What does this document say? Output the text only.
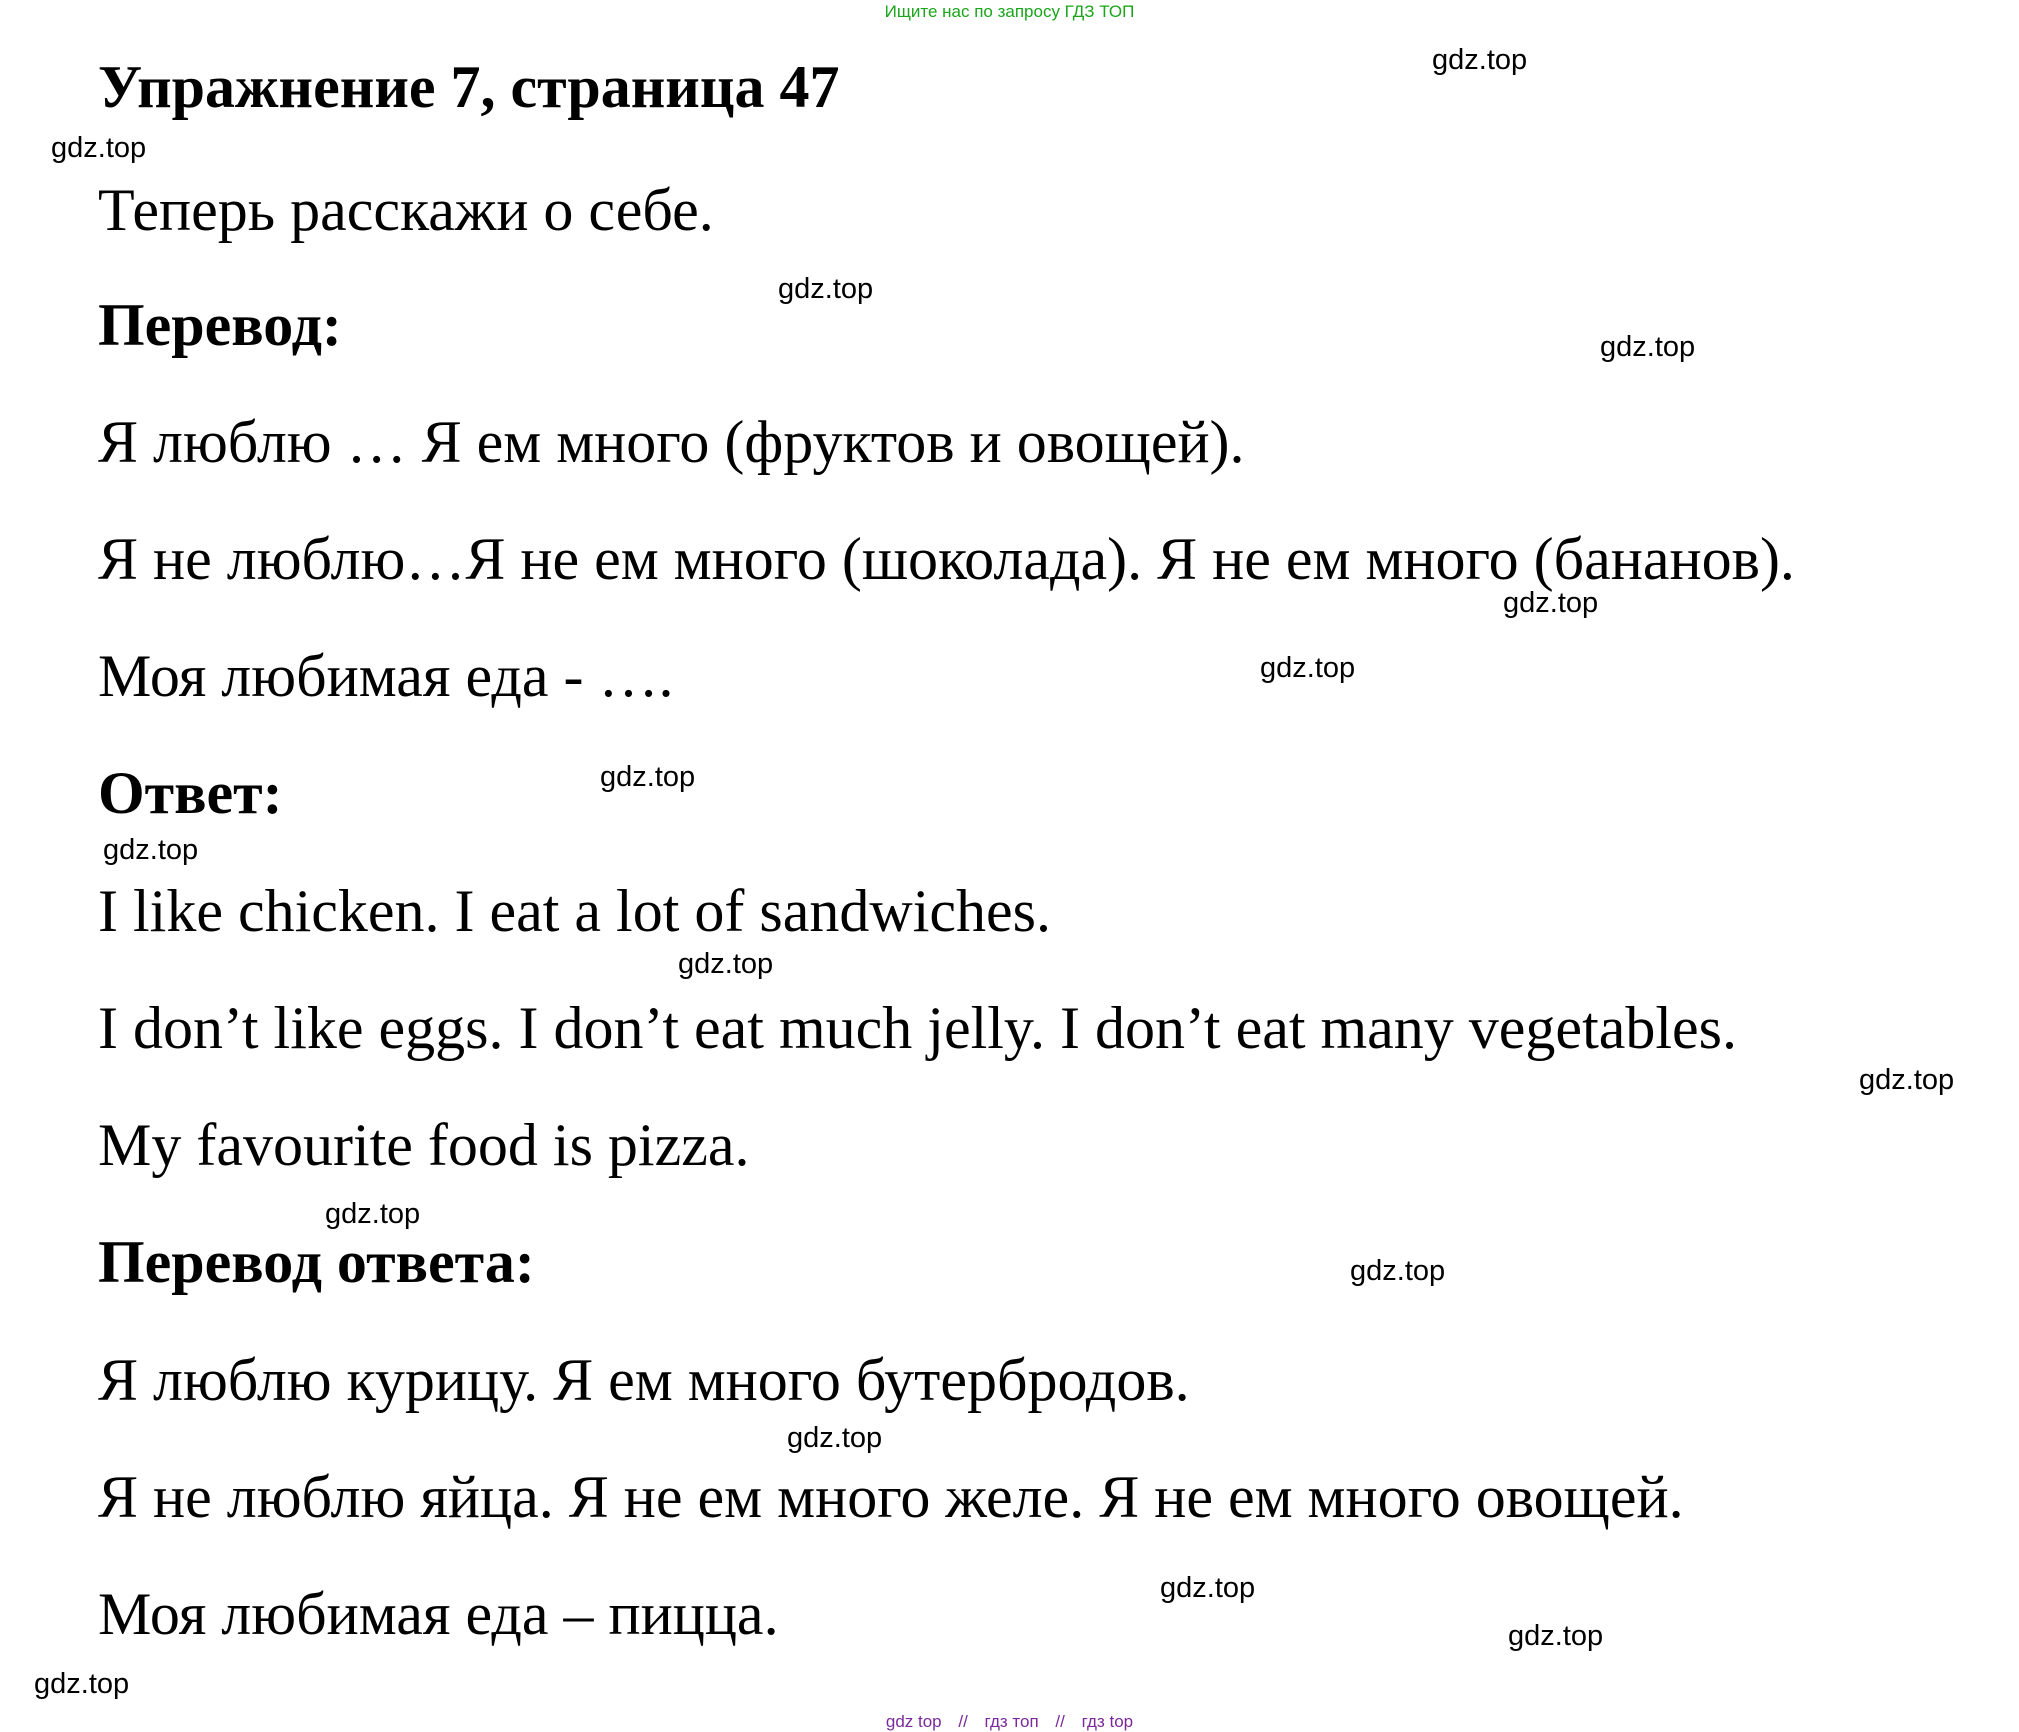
Ищите нас по запросу ГДЗ ТОП
Упражнение 7, страница 47
Теперь расскажи о себе.
Перевод:
Я люблю … Я ем много (фруктов и овощей).
Я не люблю…Я не ем много (шоколада). Я не ем много (бананов).
Моя любимая еда - ….
Ответ:
I like chicken. I eat a lot of sandwiches.
I don’t like eggs. I don’t eat much jelly. I don’t eat many vegetables.
My favourite food is pizza.
Перевод ответа:
Я люблю курицу. Я ем много бутербродов.
Я не люблю яйца. Я не ем много желе. Я не ем много овощей.
Моя любимая еда – пицца.
gdz.top
gdz.top
gdz.top
gdz.top
gdz.top
gdz.top
gdz.top
gdz.top
gdz.top
gdz.top
gdz.top
gdz.top
gdz.top
gdz.top
gdz.top
gdz.top
gdz top // гдз топ // гдз top
